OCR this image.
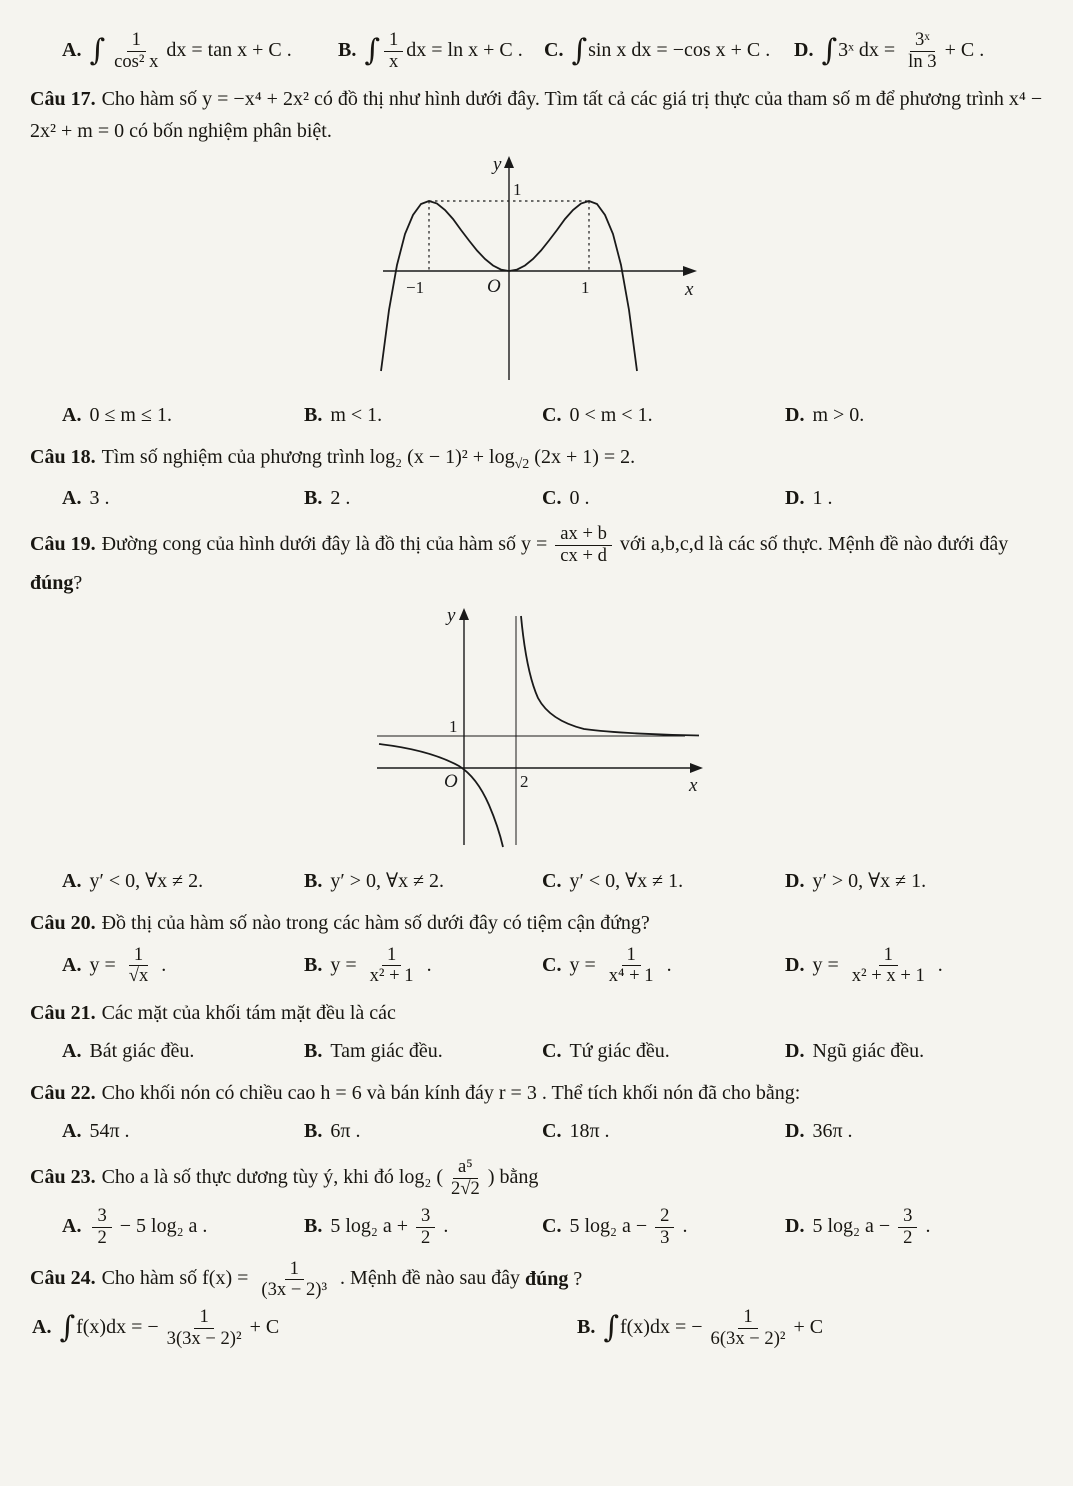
A. ∫ $\frac{1}{\text{cos² x}}$ dx = tan x + C .	B. ∫ $\frac{1}{x}$ dx = ln x + C .	C. ∫sin x dx = −cos x + C .	D. ∫3ˣ dx = $\frac{\text{3ˣ}}{\ln 3} + C$ .

Câu 17. Cho hàm số y = −x⁴ + 2x² có đồ thị như hình dưới đây. Tìm tất cả các giá trị thực của tham số m để phương trình x⁴ − 2x² + m = 0 có bốn nghiệm phân biệt.

y
x
O
1
−1	1
A. 0 ≤ m ≤ 1.	B. m < 1.	C. 0 < m < 1.	D. m > 0.

Câu 18. Tìm số nghiệm của phương trình log₂ $(x - 1)^2 + \log_{√2} (2x + 1) = 2$.

A. 3 .	B. 2 .	C. 0 .	D. 1 .

Câu 19. Đường cong của hình dưới đây là đồ thị của hàm số $y = \frac{ax + b}{cx + d}$ với a,b,c,d là các số thực. Mệnh đề nào đưới đây đúng?

y
x
O
1
2
A. y′ < 0, ∀x ≠ 2.	B. y′ > 0, ∀x ≠ 2.	C. y′ < 0, ∀x ≠ 1.	D. y′ > 0, ∀x ≠ 1.

Câu 20. Đồ thị của hàm số nào trong các hàm số dưới đây có tiệm cận đứng?

A. $y = \frac{1}{√x}$ .	B. $y = \frac{1}{\text{x² + 1}}$ .	C. $y = \frac{1}{\text{x⁴ + 1}}$ .	D. $y = \frac{1}{\text{x² + x + 1}}$ .

Câu 21. Các mặt của khối tám mặt đều là các

A. Bát giác đều.	B. Tam giác đều.	C. Tứ giác đều.	D. Ngũ giác đều.

Câu 22. Cho khối nón có chiều cao h = 6 và bán kính đáy r = 3 . Thể tích khối nón đã cho bằng:

A. 54π .	B. 6π .	C. 18π .	D. 36π .

Câu 23. Cho a là số thực dương tùy ý, khi đó log₂ ( $\frac{\text{a⁵}}{2√2}$ ) bằng

A. $\frac{3}{2} - 5$ log₂ a .	B. 5 log₂ $a + \frac{3}{2}$ .	C. 5 log₂ $a - \frac{2}{3}$ .	D. 5 log₂ $a - \frac{3}{2}$ .

Câu 24. Cho hàm số $f(x) = \frac{1}{\text{(3x − 2)³}}$ . Mệnh đề nào sau đây đúng ?

A. ∫f(x)dx = − $\frac{1}{\text{3(3x − 2)²}} + C$	B. ∫f(x)dx = − $\frac{1}{\text{6(3x − 2)²}} + C$
